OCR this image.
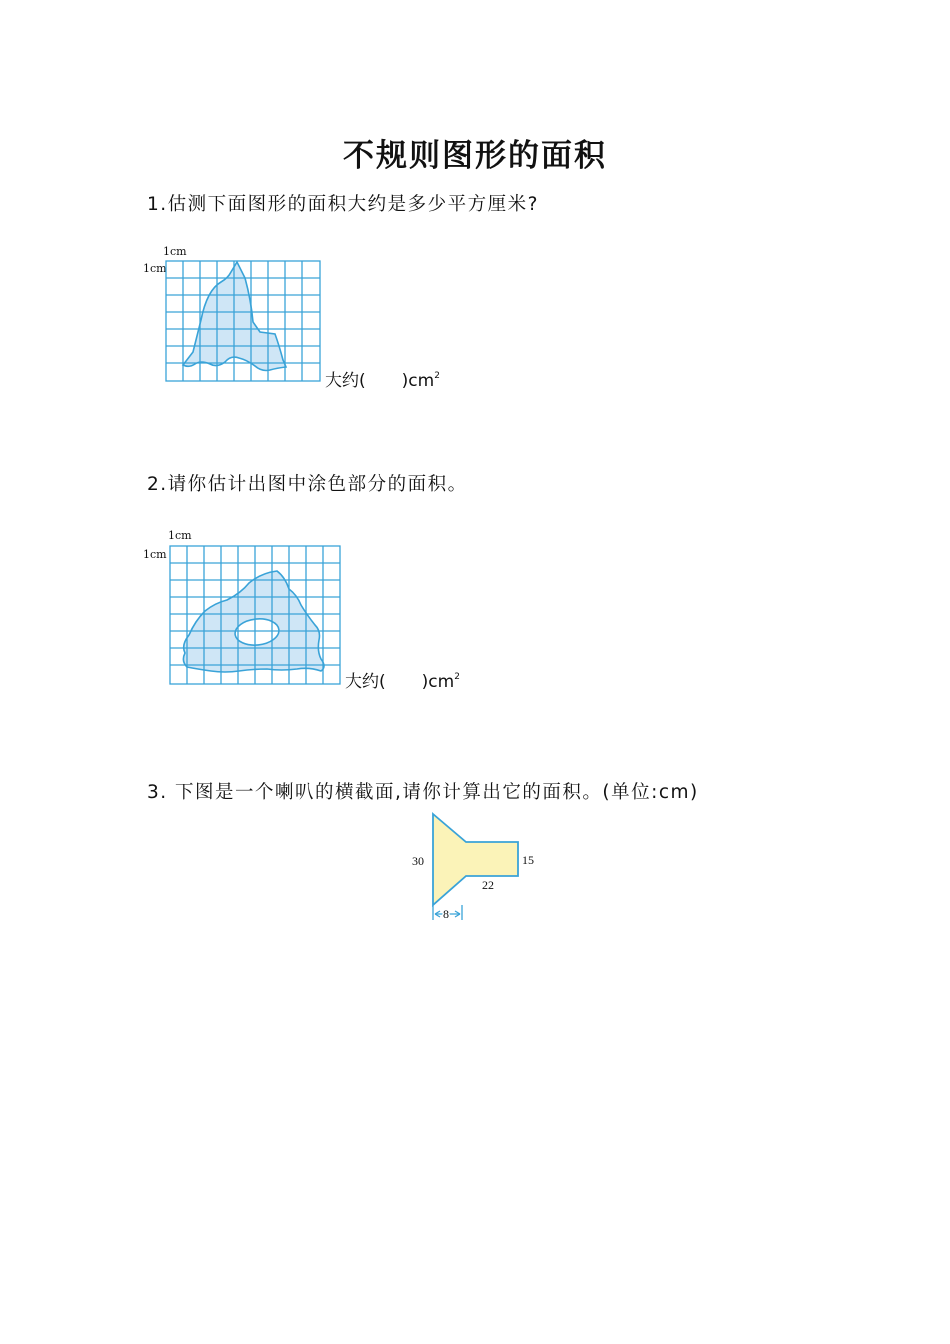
不规则图形的面积
1.估测下面图形的面积大约是多少平方厘米?
1cm
1cm
大约( )$cm^2$
2.请你估计出图中涂色部分的面积。
1cm
1cm
大约( )$cm^2$
3. 下图是一个喇叭的横截面,请你计算出它的面积。(单位:cm)
30	15
22
8
